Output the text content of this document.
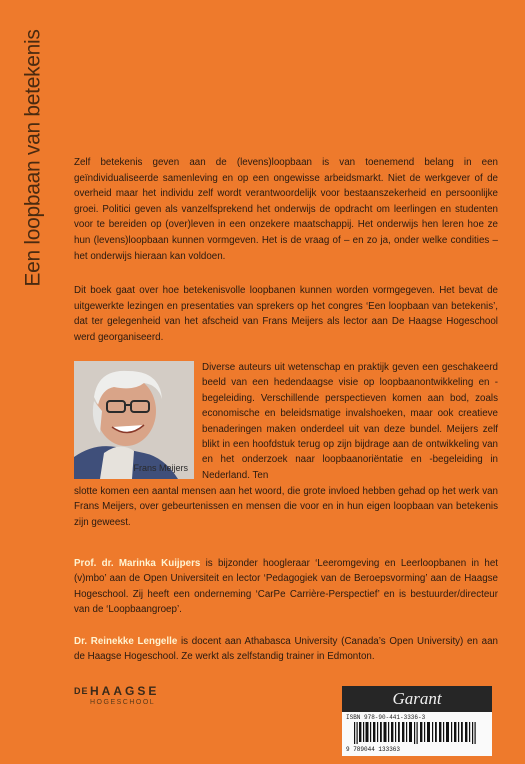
Een loopbaan van betekenis	Zelf betekenis geven aan de (levens)loopbaan is van toenemend belang in een geïndividualiseerde samenleving en op een ongewisse arbeidsmarkt. Niet de werkgever of de overheid maar het individu zelf wordt verantwoordelijk voor bestaanszekerheid en persoonlijke groei. Politici geven als vanzelfsprekend het onderwijs de opdracht om leerlingen en studenten voor te bereiden op (over)leven in een onzekere maatschappij. Het onderwijs hen leren hoe ze hun (levens)loopbaan kunnen vormgeven. Het is de vraag of – en zo ja, onder welke condities – het onderwijs hieraan kan voldoen.

Dit boek gaat over hoe betekenisvolle loopbanen kunnen worden vormgegeven. Het bevat de uitgewerkte lezingen en presentaties van sprekers op het congres ‘Een loopbaan van betekenis’, dat ter gelegenheid van het afscheid van Frans Meijers als lector aan De Haagse Hogeschool werd georganiseerd.

Frans Meijers

Diverse auteurs uit wetenschap en praktijk geven een geschakeerd beeld van een hedendaagse visie op loopbaanontwikkeling en -begeleiding. Verschillende perspectieven komen aan bod, zoals economische en beleidsmatige invalshoeken, maar ook creatieve benaderingen maken onderdeel uit van deze bundel. Meijers zelf blikt in een hoofdstuk terug op zijn bijdrage aan de ontwikkeling van en het onderzoek naar loopbaanoriëntatie en -begeleiding in Nederland. Ten

slotte komen een aantal mensen aan het woord, die grote invloed hebben gehad op het werk van Frans Meijers, over gebeurtenissen en mensen die voor en in hun eigen loopbaan van betekenis zijn geweest.

Prof. dr. Marinka Kuijpers is bijzonder hoogleraar ‘Leeromgeving en Leerloopbanen in het (v)mbo’ aan de Open Universiteit en lector ‘Pedagogiek van de Beroepsvorming’ aan de Haagse Hogeschool. Zij heeft een onderneming ‘CarPe Carrière-Perspectief’ en is bestuurder/directeur van de ‘Loopbaangroep’.

Dr. Reinekke Lengelle is docent aan Athabasca University (Canada’s Open University) en aan de Haagse Hogeschool. Ze werkt als zelfstandig trainer in Edmonton.

DE HAAGSE
HOGESCHOOL	Garant
ISBN 978-90-441-3336-3
9 789044 133363
